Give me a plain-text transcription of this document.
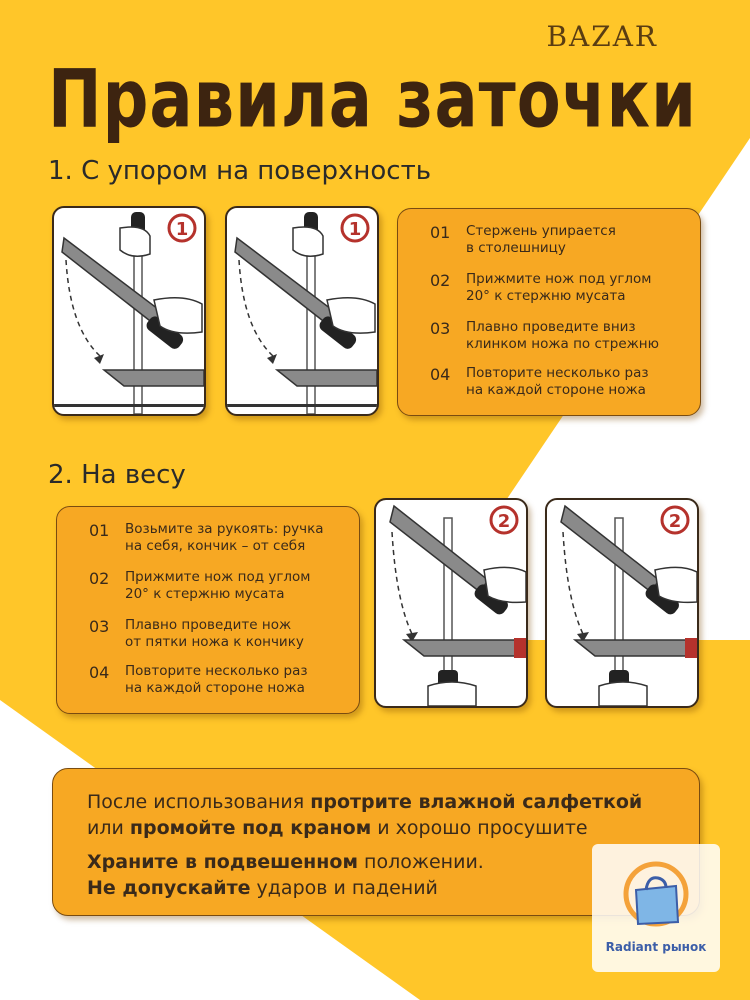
BAZAR
Правила заточки
1. С упором на поверхность
1	1	01	Стержень упирается
в столешницу
02	Прижмите нож под углом
20° к стержню мусата
03	Плавно проведите вниз
клинком ножа по стрежню
04	Повторите несколько раз
на каждой стороне ножа
2. На весу
01	Возьмите за рукоять: ручка
на себя, кончик – от себя
02	Прижмите нож под углом
20° к стержню мусата
03	Плавно проведите нож
от пятки ножа к кончику
04	Повторите несколько раз
на каждой стороне ножа
2	2
После использования протрите влажной салфеткой
или промойте под краном и хорошо просушите
Храните в подвешенном положении.
Не допускайте ударов и падений
Radiant рынок
